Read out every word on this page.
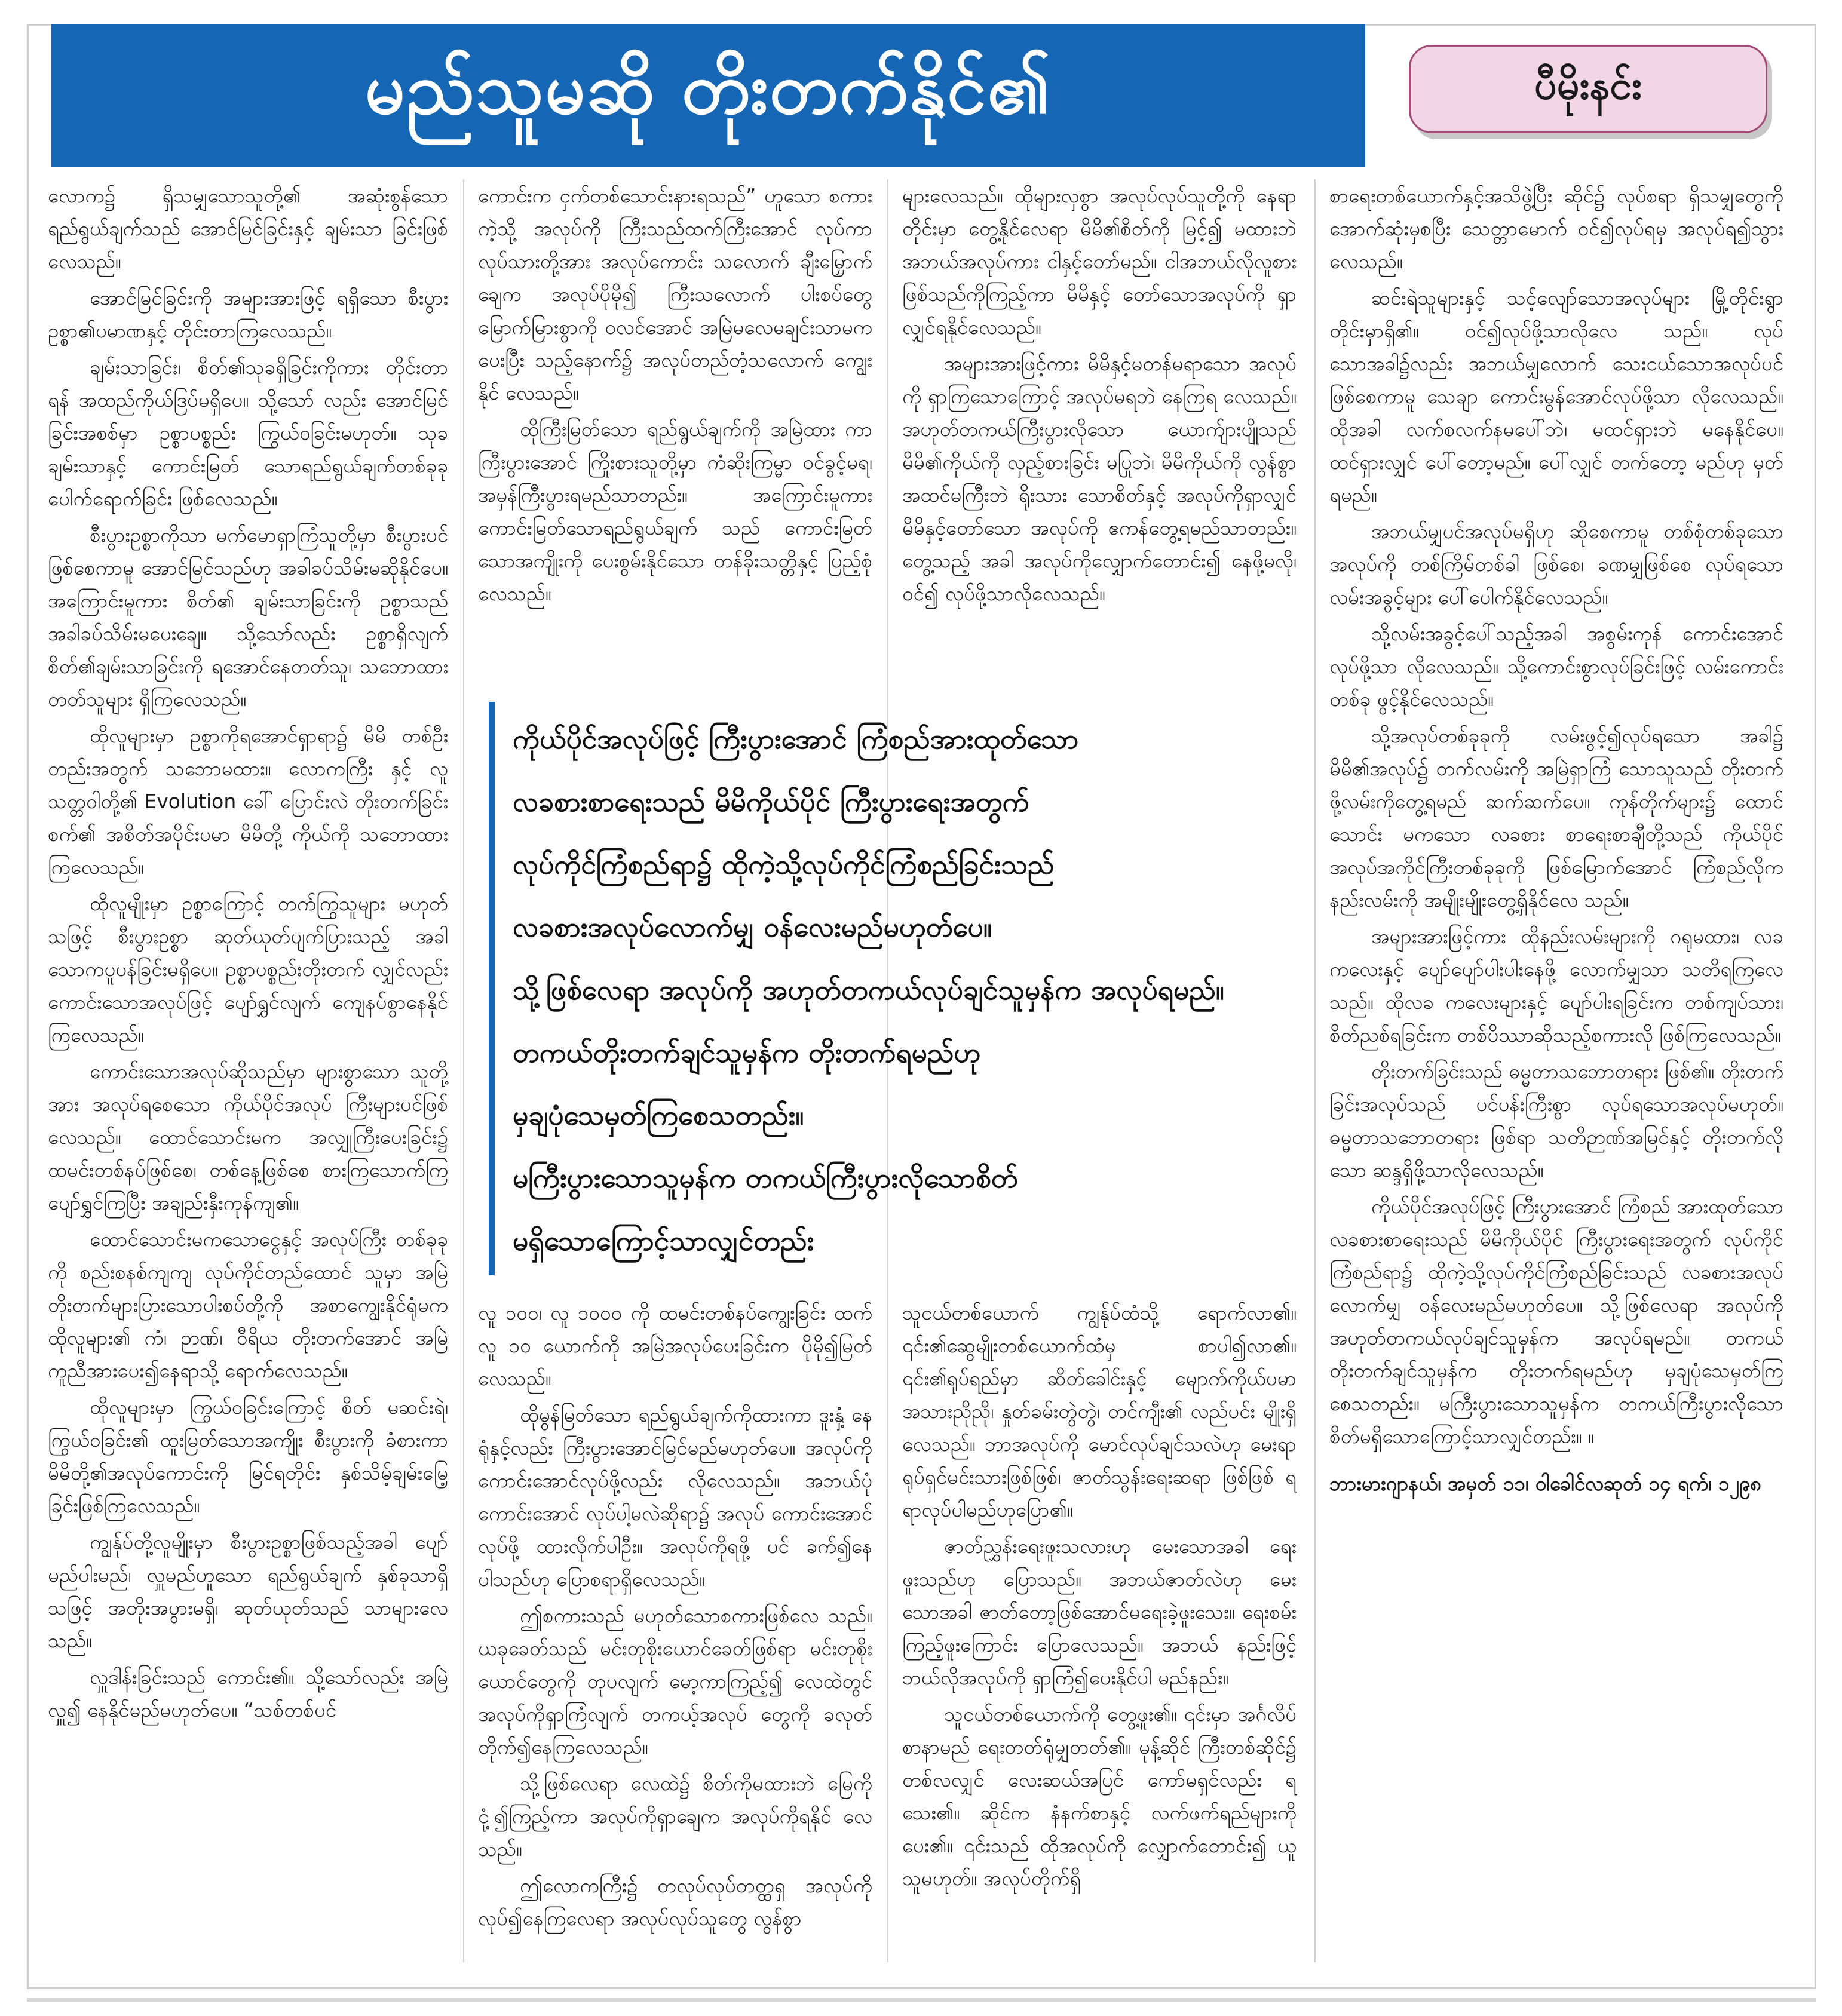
မည်သူမဆို တိုးတက်နိုင်၏	ပီမိုးနင်း

လောက၌ ရှိသမျှသောသူတို့၏ အဆုံးစွန်သော ရည်ရွယ်ချက်သည် အောင်မြင်ခြင်းနှင့် ချမ်းသာ ခြင်းဖြစ်လေသည်။

အောင်မြင်ခြင်းကို အများအားဖြင့် ရရှိသော စီးပွားဥစ္စာ၏ပမာဏနှင့် တိုင်းတာကြလေသည်။

ချမ်းသာခြင်း၊ စိတ်၏သုခရှိခြင်းကိုကား တိုင်းတာရန် အထည်ကိုယ်ဒြပ်မရှိပေ။ သို့သော် လည်း အောင်မြင်ခြင်းအစစ်မှာ ဥစ္စာပစ္စည်း ကြွယ်ဝခြင်းမဟုတ်။ သုခချမ်းသာနှင့် ကောင်းမြတ် သောရည်ရွယ်ချက်တစ်ခုခု ပေါက်ရောက်ခြင်း ဖြစ်လေသည်။

စီးပွားဥစ္စာကိုသာ မက်မောရှာကြံသူတို့မှာ စီးပွားပင်ဖြစ်စေကာမူ အောင်မြင်သည်ဟု အခါခပ်သိမ်းမဆိုနိုင်ပေ။ အကြောင်းမူကား စိတ်၏ ချမ်းသာခြင်းကို ဥစ္စာသည် အခါခပ်သိမ်းမပေးချေ။ သို့သော်လည်း ဥစ္စာရှိလျက် စိတ်၏ချမ်းသာခြင်းကို ရအောင်နေတတ်သူ၊ သဘောထားတတ်သူများ ရှိကြလေသည်။

ထိုလူများမှာ ဥစ္စာကိုရအောင်ရှာရာ၌ မိမိ တစ်ဦးတည်းအတွက် သဘောမထား။ လောကကြီး နှင့် လူသတ္တဝါတို့၏ Evolution ခေါ် ပြောင်းလဲ တိုးတက်ခြင်းစက်၏ အစိတ်အပိုင်းပမာ မိမိတို့ ကိုယ်ကို သဘောထားကြလေသည်။

ထိုလူမျိုးမှာ ဥစ္စာကြောင့် တက်ကြွသူများ မဟုတ်သဖြင့် စီးပွားဥစ္စာ ဆုတ်ယုတ်ပျက်ပြားသည့် အခါ သောကပူပန်ခြင်းမရှိပေ။ ဥစ္စာပစ္စည်းတိုးတက် လျှင်လည်း ကောင်းသောအလုပ်ဖြင့် ပျော်ရွှင်လျက် ကျေနပ်စွာနေနိုင်ကြလေသည်။

ကောင်းသောအလုပ်ဆိုသည်မှာ များစွာသော သူတို့အား အလုပ်ရစေသော ကိုယ်ပိုင်အလုပ် ကြီးများပင်ဖြစ်လေသည်။ ထောင်သောင်းမက အလျှုကြီးပေးခြင်း၌ ထမင်းတစ်နပ်ဖြစ်စေ၊ တစ်နေ့ဖြစ်စေ စားကြသောက်ကြ ပျော်ရွှင်ကြပြီး အချည်းနှီးကုန်ကျ၏။

ထောင်သောင်းမကသောငွေနှင့် အလုပ်ကြီး တစ်ခုခုကို စည်းစနစ်ကျကျ လုပ်ကိုင်တည်ထောင် သူမှာ အမြဲတိုးတက်များပြားသောပါးစပ်တို့ကို အစာကျွေးနိုင်ရုံမက ထိုလူများ၏ ကံ၊ ဉာဏ်၊ ဝီရိယ တိုးတက်အောင် အမြဲကူညီအားပေး၍နေရာသို့ ရောက်လေသည်။

ထိုလူများမှာ ကြွယ်ဝခြင်းကြောင့် စိတ် မဆင်းရဲ၊ ကြွယ်ဝခြင်း၏ ထူးမြတ်သောအကျိုး စီးပွားကို ခံစားကာ မိမိတို့၏အလုပ်ကောင်းကို မြင်ရတိုင်း နှစ်သိမ့်ချမ်းမြေ့ခြင်းဖြစ်ကြလေသည်။

ကျွန်ုပ်တို့လူမျိုးမှာ စီးပွားဥစ္စာဖြစ်သည့်အခါ ပျော်မည်ပါးမည်၊ လှူမည်ဟူသော ရည်ရွယ်ချက် နှစ်ခုသာရှိသဖြင့် အတိုးအပွားမရှိ၊ ဆုတ်ယုတ်သည် သာများလေသည်။

လှူဒါန်းခြင်းသည် ကောင်း၏။ သို့သော်လည်း အမြဲလှူ၍ နေနိုင်မည်မဟုတ်ပေ။ “သစ်တစ်ပင်

ကောင်းက ငှက်တစ်သောင်းနားရသည်” ဟူသော စကားကဲ့သို့ အလုပ်ကို ကြီးသည်ထက်ကြီးအောင် လုပ်ကာ လုပ်သားတို့အား အလုပ်ကောင်း သလောက် ချီးမြှောက်ချေက အလုပ်ပိုမို၍ ကြီးသလောက် ပါးစပ်တွေမြောက်မြားစွာကို ဝလင်အောင် အမြဲမလေမချင်းသာမက ပေးပြီး သည့်နောက်၌ အလုပ်တည်တံ့သလောက် ကျွေးနိုင် လေသည်။

ထိုကြီးမြတ်သော ရည်ရွယ်ချက်ကို အမြဲထား ကာ ကြီးပွားအောင် ကြိုးစားသူတို့မှာ ကံဆိုးကြမ္မာ ဝင်ခွင့်မရ၊ အမှန်ကြီးပွားရမည်သာတည်း။ အကြောင်းမူကား ကောင်းမြတ်သောရည်ရွယ်ချက် သည် ကောင်းမြတ်သောအကျိုးကို ပေးစွမ်းနိုင်သော တန်ခိုးသတ္တိနှင့် ပြည့်စုံလေသည်။

များလေသည်။ ထိုများလှစွာ အလုပ်လုပ်သူတို့ကို နေရာတိုင်းမှာ တွေ့နိုင်လေရာ မိမိ၏စိတ်ကို မြင့်၍ မထားဘဲ အဘယ်အလုပ်ကား ငါနှင့်တော်မည်။ ငါအဘယ်လိုလူစားဖြစ်သည်ကိုကြည့်ကာ မိမိနှင့် တော်သောအလုပ်ကို ရှာလျှင်ရနိုင်လေသည်။

အများအားဖြင့်ကား မိမိနှင့်မတန်မရာသော အလုပ်ကို ရှာကြသောကြောင့် အလုပ်မရဘဲ နေကြရ လေသည်။ အဟုတ်တကယ်ကြီးပွားလိုသော ယောက်ျားပျိုသည် မိမိ၏ကိုယ်ကို လှည့်စားခြင်း မပြုဘဲ၊ မိမိကိုယ်ကို လွန်စွာအထင်မကြီးဘဲ ရိုးသား သောစိတ်နှင့် အလုပ်ကိုရှာလျှင် မိမိနှင့်တော်သော အလုပ်ကို ဧကန်တွေ့ရမည်သာတည်း။ တွေ့သည့် အခါ အလုပ်ကိုလျှောက်တောင်း၍ နေဖို့မလို၊ ဝင်၍ လုပ်ဖို့သာလိုလေသည်။

ကိုယ်ပိုင်အလုပ်ဖြင့် ကြီးပွားအောင် ကြံစည်အားထုတ်သော
လခစားစာရေးသည် မိမိကိုယ်ပိုင် ကြီးပွားရေးအတွက်
လုပ်ကိုင်ကြံစည်ရာ၌ ထိုကဲ့သို့လုပ်ကိုင်ကြံစည်ခြင်းသည်
လခစားအလုပ်လောက်မျှ ဝန်လေးမည်မဟုတ်ပေ။
သို့ဖြစ်လေရာ အလုပ်ကို အဟုတ်တကယ်လုပ်ချင်သူမှန်က အလုပ်ရမည်။
တကယ်တိုးတက်ချင်သူမှန်က တိုးတက်ရမည်ဟု
မှချပုံသေမှတ်ကြစေသတည်း။
မကြီးပွားသောသူမှန်က တကယ်ကြီးပွားလိုသောစိတ်
မရှိသောကြောင့်သာလျှင်တည်း

လူ ၁၀၀၊ လူ ၁၀၀၀ ကို ထမင်းတစ်နပ်ကျွေးခြင်း ထက် လူ ၁၀ ယောက်ကို အမြဲအလုပ်ပေးခြင်းက ပိုမို၍မြတ်လေသည်။

ထိုမွန်မြတ်သော ရည်ရွယ်ချက်ကိုထားကာ ဒူးနှံ့ နေရုံနှင့်လည်း ကြီးပွားအောင်မြင်မည်မဟုတ်ပေ။ အလုပ်ကိုကောင်းအောင်လုပ်ဖို့လည်း လိုလေသည်။ အဘယ်ပုံကောင်းအောင် လုပ်ပါ့မလဲဆိုရာ၌ အလုပ် ကောင်းအောင်လုပ်ဖို့ ထားလိုက်ပါဦး။ အလုပ်ကိုရဖို့ ပင် ခက်၍နေပါသည်ဟု ပြောစရာရှိလေသည်။

ဤစကားသည် မဟုတ်သောစကားဖြစ်လေ သည်။ ယခုခေတ်သည် မင်းတုစိုးယောင်ခေတ်ဖြစ်ရာ မင်းတုစိုးယောင်တွေကို တုပလျက် မော့ကာကြည့်၍ လေထဲတွင် အလုပ်ကိုရှာကြံလျက် တကယ့်အလုပ် တွေကို ခလုတ်တိုက်၍နေကြလေသည်။

သို့ဖြစ်လေရာ လေထဲ၌ စိတ်ကိုမထားဘဲ မြေကို ငုံ့၍ကြည့်ကာ အလုပ်ကိုရှာချေက အလုပ်ကိုရနိုင် လေသည်။

ဤလောကကြီး၌ တလုပ်လုပ်တတ္ထရှ အလုပ်ကို လုပ်၍နေကြလေရာ အလုပ်လုပ်သူတွေ လွန်စွာ

သူငယ်တစ်ယောက် ကျွန်ုပ်ထံသို့ ရောက်လာ၏။ ၎င်း၏ဆွေမျိုးတစ်ယောက်ထံမှ စာပါ၍လာ၏။ ၎င်း၏ရုပ်ရည်မှာ ဆိတ်ခေါင်းနှင့် မျောက်ကိုယ်ပမာ အသားညိုညို၊ နှုတ်ခမ်းတွဲတွဲ၊ တင်ကျီး၏ လည်ပင်း မျိုးရှိလေသည်။ ဘာအလုပ်ကို မောင်လုပ်ချင်သလဲဟု မေးရာ ရုပ်ရှင်မင်းသားဖြစ်ဖြစ်၊ ဇာတ်သွန်းရေးဆရာ ဖြစ်ဖြစ် ရရာလုပ်ပါမည်ဟုပြော၏။

ဇာတ်ညွှန်းရေးဖူးသလားဟု မေးသောအခါ ရေးဖူးသည်ဟု ပြောသည်။ အဘယ်ဇာတ်လဲဟု မေးသောအခါ ဇာတ်တော့ဖြစ်အောင်မရေးခဲ့ဖူးသေး။ ရေးစမ်းကြည့်ဖူးကြောင်း ပြောလေသည်။ အဘယ် နည်းဖြင့် ဘယ်လိုအလုပ်ကို ရှာကြံ၍ပေးနိုင်ပါ မည်နည်း။

သူငယ်တစ်ယောက်ကို တွေ့ဖူး၏။ ၎င်းမှာ အင်္ဂလိပ်စာနာမည် ရေးတတ်ရုံမျှတတ်၏။ မုန့်ဆိုင် ကြီးတစ်ဆိုင်၌ တစ်လလျှင် လေးဆယ်အပြင် ကော်မရှင်လည်း ရသေး၏။ ဆိုင်က နံနက်စာနှင့် လက်ဖက်ရည်များကို ပေး၏။ ၎င်းသည် ထိုအလုပ်ကို လျှောက်တောင်း၍ ယူသူမဟုတ်။ အလုပ်တိုက်ရှိ

စာရေးတစ်ယောက်နှင့်အသိဖွဲ့ပြီး ဆိုင်၌ လုပ်စရာ ရှိသမျှတွေကို အောက်ဆုံးမှစပြီး သေတ္တာမောက် ဝင်၍လုပ်ရမှ အလုပ်ရ၍သွားလေသည်။

ဆင်းရဲသူများနှင့် သင့်လျော်သောအလုပ်များ မြို့တိုင်းရွာတိုင်းမှာရှိ၏။ ဝင်၍လုပ်ဖို့သာလိုလေ သည်။ လုပ်သောအခါ၌လည်း အဘယ်မျှလောက် သေးငယ်သောအလုပ်ပင်ဖြစ်စေကာမူ သေချာ ကောင်းမွန်အောင်လုပ်ဖို့သာ လိုလေသည်။ ထိုအခါ လက်စလက်နမပေါ်ဘဲ၊ မထင်ရှားဘဲ မနေနိုင်ပေ။ ထင်ရှားလျှင် ပေါ်တော့မည်။ ပေါ်လျှင် တက်တော့ မည်ဟု မှတ်ရမည်။

အဘယ်မျှပင်အလုပ်မရှိဟု ဆိုစေကာမူ တစ်စုံတစ်ခုသောအလုပ်ကို တစ်ကြိမ်တစ်ခါ ဖြစ်စေ၊ ခဏမျှဖြစ်စေ လုပ်ရသောလမ်းအခွင့်များ ပေါ်ပေါက်နိုင်လေသည်။

သို့လမ်းအခွင့်ပေါ်သည့်အခါ အစွမ်းကုန် ကောင်းအောင်လုပ်ဖို့သာ လိုလေသည်။ သို့ကောင်းစွာလုပ်ခြင်းဖြင့် လမ်းကောင်းတစ်ခု ဖွင့်နိုင်လေသည်။

သို့အလုပ်တစ်ခုခုကို လမ်းဖွင့်၍လုပ်ရသော အခါ၌ မိမိ၏အလုပ်၌ တက်လမ်းကို အမြဲရှာကြံ သောသူသည် တိုးတက်ဖို့လမ်းကိုတွေ့ရမည် ဆက်ဆက်ပေ။ ကုန်တိုက်များ၌ ထောင်သောင်း မကသော လခစား စာရေးစာချီတို့သည် ကိုယ်ပိုင် အလုပ်အကိုင်ကြီးတစ်ခုခုကို ဖြစ်မြောက်အောင် ကြံစည်လိုက နည်းလမ်းကို အမျိုးမျိုးတွေ့ရှိနိုင်လေ သည်။

အများအားဖြင့်ကား ထိုနည်းလမ်းများကို ဂရုမထား၊ လခကလေးနှင့် ပျော်ပျော်ပါးပါးနေဖို့ လောက်မျှသာ သတိရကြလေသည်။ ထိုလခ ကလေးများနှင့် ပျော်ပါးရခြင်းက တစ်ကျပ်သား၊ စိတ်ညစ်ရခြင်းက တစ်ပိဿာဆိုသည့်စကားလို ဖြစ်ကြလေသည်။

တိုးတက်ခြင်းသည် ဓမ္မတာသဘောတရား ဖြစ်၏။ တိုးတက်ခြင်းအလုပ်သည် ပင်ပန်းကြီးစွာ လုပ်ရသောအလုပ်မဟုတ်။ ဓမ္မတာသဘောတရား ဖြစ်ရာ သတိဉာဏ်အမြင်နှင့် တိုးတက်လိုသော ဆန္ဒရှိဖို့သာလိုလေသည်။

ကိုယ်ပိုင်အလုပ်ဖြင့် ကြီးပွားအောင် ကြံစည် အားထုတ်သော လခစားစာရေးသည် မိမိကိုယ်ပိုင် ကြီးပွားရေးအတွက် လုပ်ကိုင်ကြံစည်ရာ၌ ထိုကဲ့သို့လုပ်ကိုင်ကြံစည်ခြင်းသည် လခစားအလုပ် လောက်မျှ ဝန်လေးမည်မဟုတ်ပေ။ သို့ဖြစ်လေရာ အလုပ်ကို အဟုတ်တကယ်လုပ်ချင်သူမှန်က အလုပ်ရမည်။ တကယ်တိုးတက်ချင်သူမှန်က တိုးတက်ရမည်ဟု မှချပုံသေမှတ်ကြစေသတည်း။ မကြီးပွားသောသူမှန်က တကယ်ကြီးပွားလိုသော စိတ်မရှိသောကြောင့်သာလျှင်တည်း။ ။

ဘားမားဂျာနယ်၊ အမှတ် ၁၁၊ ဝါခေါင်လဆုတ် ၁၄ ရက်၊ ၁၂၉၈
